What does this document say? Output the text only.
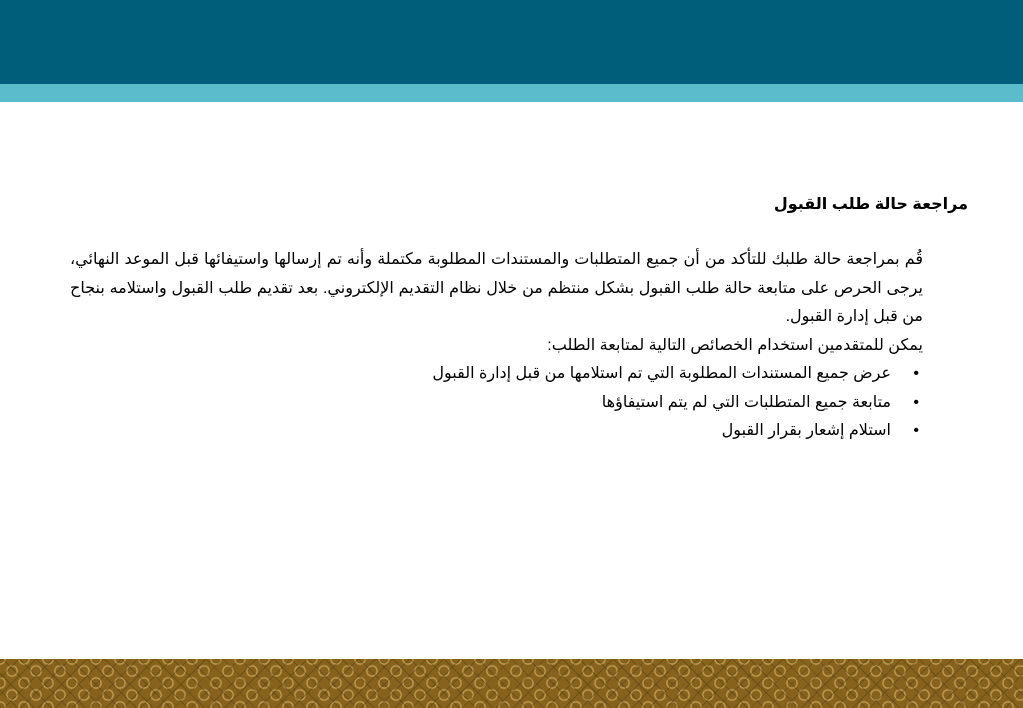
مراجعة حالة طلب القبول

قُم بمراجعة حالة طلبك للتأكد من أن جميع المتطلبات والمستندات المطلوبة مكتملة وأنه تم إرسالها واستيفائها قبل الموعد النهائي، يرجى الحرص على متابعة حالة طلب القبول بشكل منتظم من خلال نظام التقديم الإلكتروني. بعد تقديم طلب القبول واستلامه بنجاح من قبل إدارة القبول.

يمكن للمتقدمين استخدام الخصائص التالية لمتابعة الطلب:

•
عرض جميع المستندات المطلوبة التي تم استلامها من قبل إدارة القبول
•
متابعة جميع المتطلبات التي لم يتم استيفاؤها
•
استلام إشعار بقرار القبول
